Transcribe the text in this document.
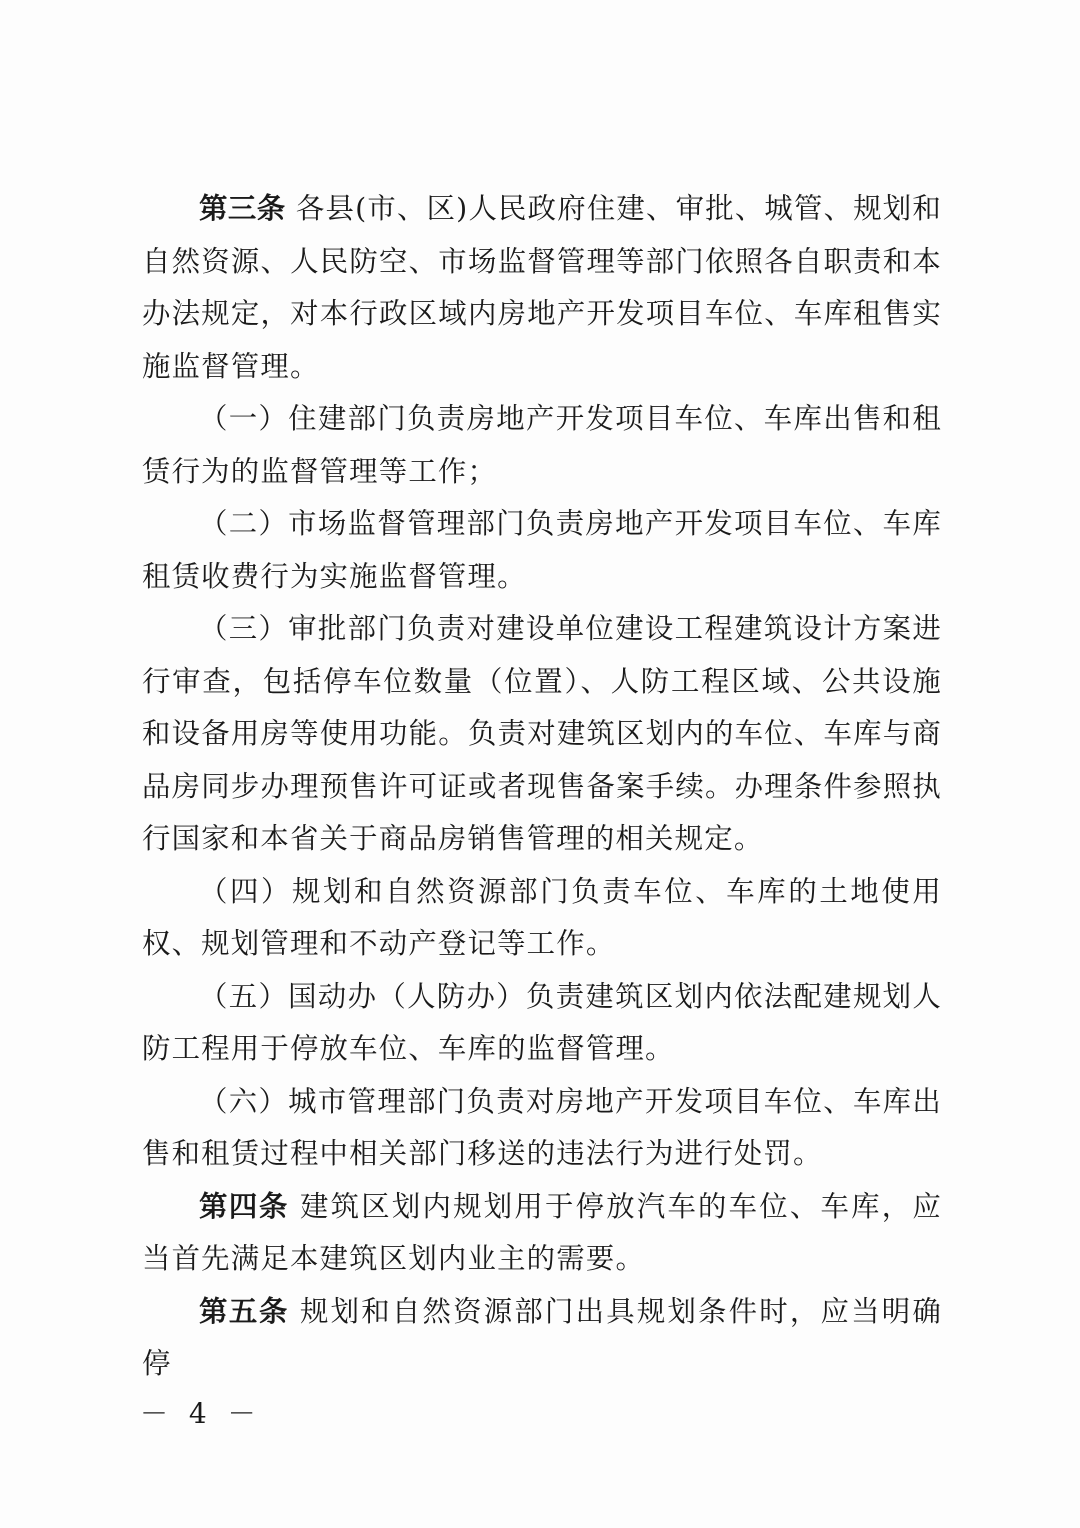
第三条 各县(市、区)人民政府住建、审批、城管、规划和自然资源、人民防空、市场监督管理等部门依照各自职责和本办法规定，对本行政区域内房地产开发项目车位、车库租售实施监督管理。

（一）住建部门负责房地产开发项目车位、车库出售和租赁行为的监督管理等工作；

（二）市场监督管理部门负责房地产开发项目车位、车库租赁收费行为实施监督管理。

（三）审批部门负责对建设单位建设工程建筑设计方案进行审查，包括停车位数量（位置）、人防工程区域、公共设施和设备用房等使用功能。负责对建筑区划内的车位、车库与商品房同步办理预售许可证或者现售备案手续。办理条件参照执行国家和本省关于商品房销售管理的相关规定。

（四）规划和自然资源部门负责车位、车库的土地使用权、规划管理和不动产登记等工作。

（五）国动办（人防办）负责建筑区划内依法配建规划人防工程用于停放车位、车库的监督管理。

（六）城市管理部门负责对房地产开发项目车位、车库出售和租赁过程中相关部门移送的违法行为进行处罚。

第四条 建筑区划内规划用于停放汽车的车位、车库，应当首先满足本建筑区划内业主的需要。

第五条 规划和自然资源部门出具规划条件时，应当明确停

－ 4 －
